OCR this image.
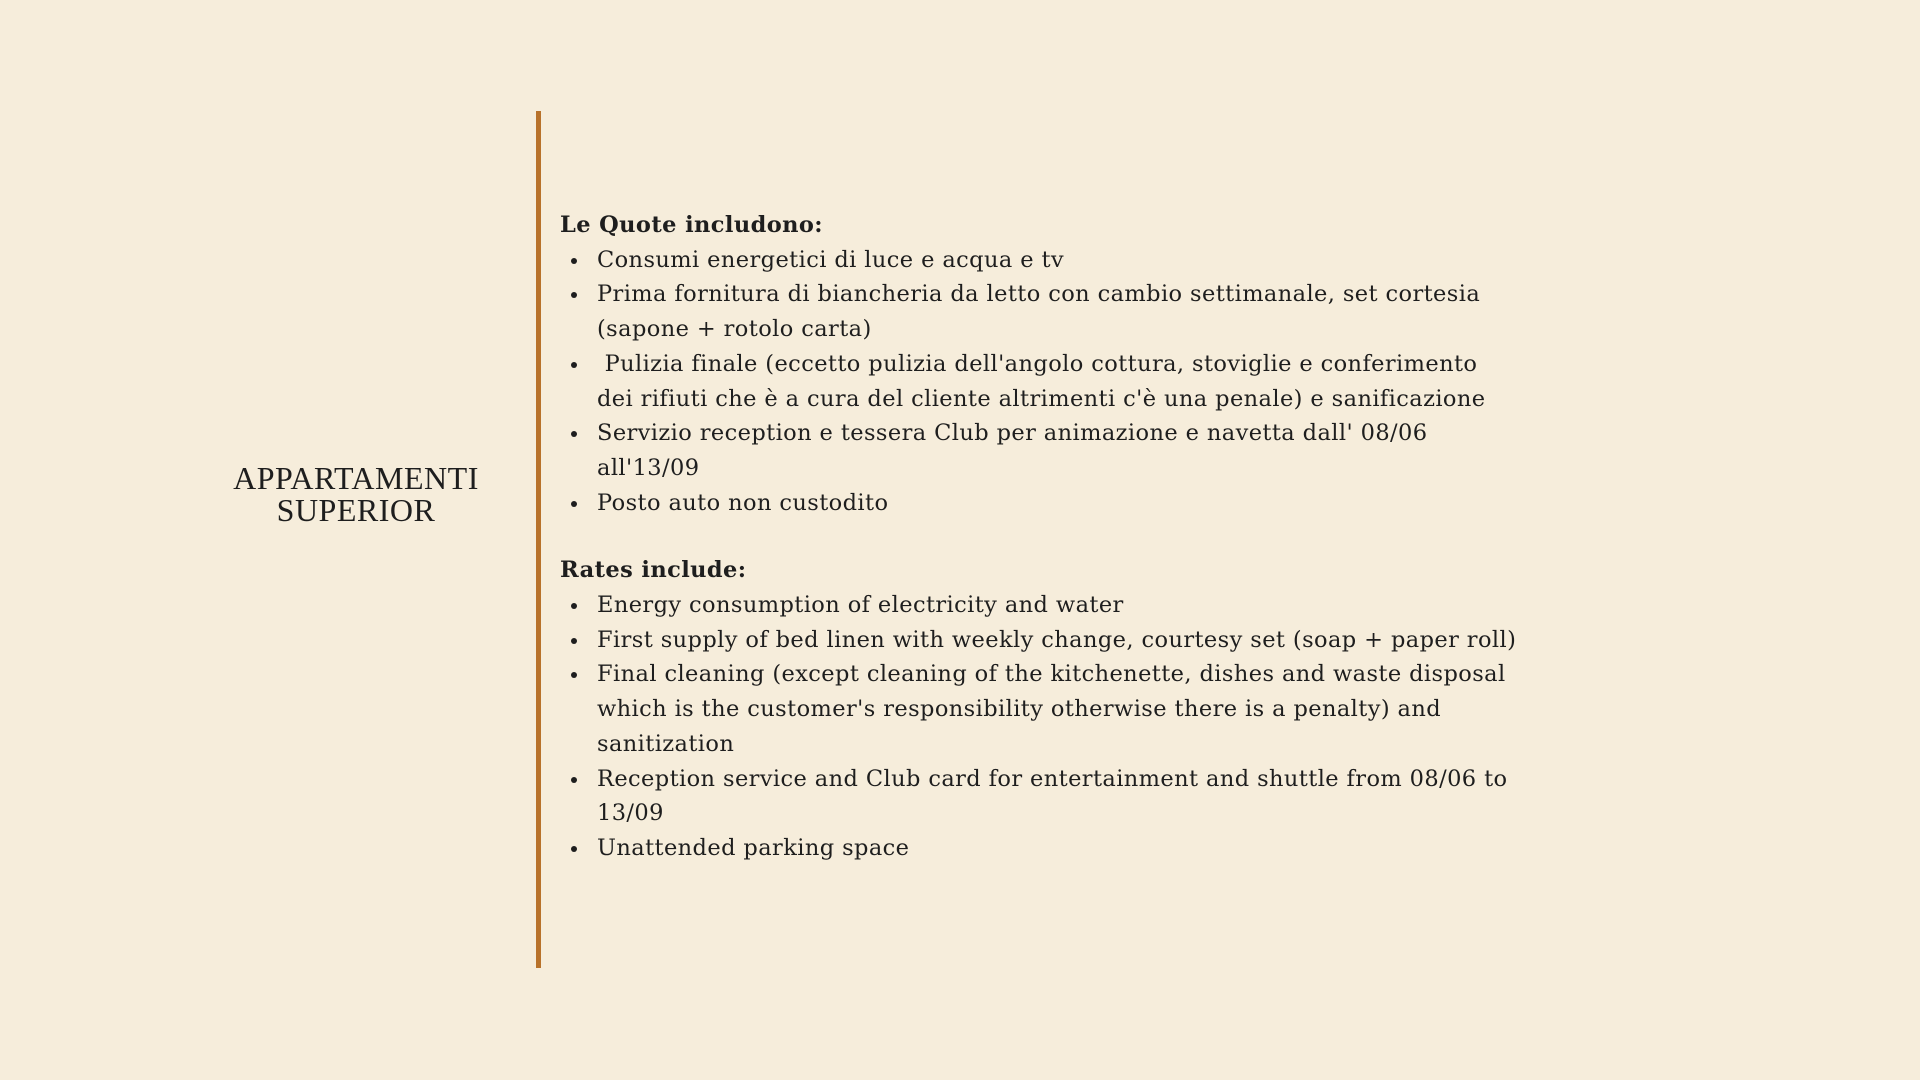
APPARTAMENTI
SUPERIOR

Le Quote includono:

Consumi energetici di luce e acqua e tv
Prima fornitura di biancheria da letto con cambio settimanale, set cortesia (sapone + rotolo carta)
Pulizia finale (eccetto pulizia dell'angolo cottura, stoviglie e conferimento dei rifiuti che è a cura del cliente altrimenti c'è una penale) e sanificazione
Servizio reception e tessera Club per animazione e navetta dall' 08/06 all'13/09
Posto auto non custodito

Rates include:

Energy consumption of electricity and water
First supply of bed linen with weekly change, courtesy set (soap + paper roll)
Final cleaning (except cleaning of the kitchenette, dishes and waste disposal which is the customer's responsibility otherwise there is a penalty) and sanitization
Reception service and Club card for entertainment and shuttle from 08/06 to 13/09
Unattended parking space
